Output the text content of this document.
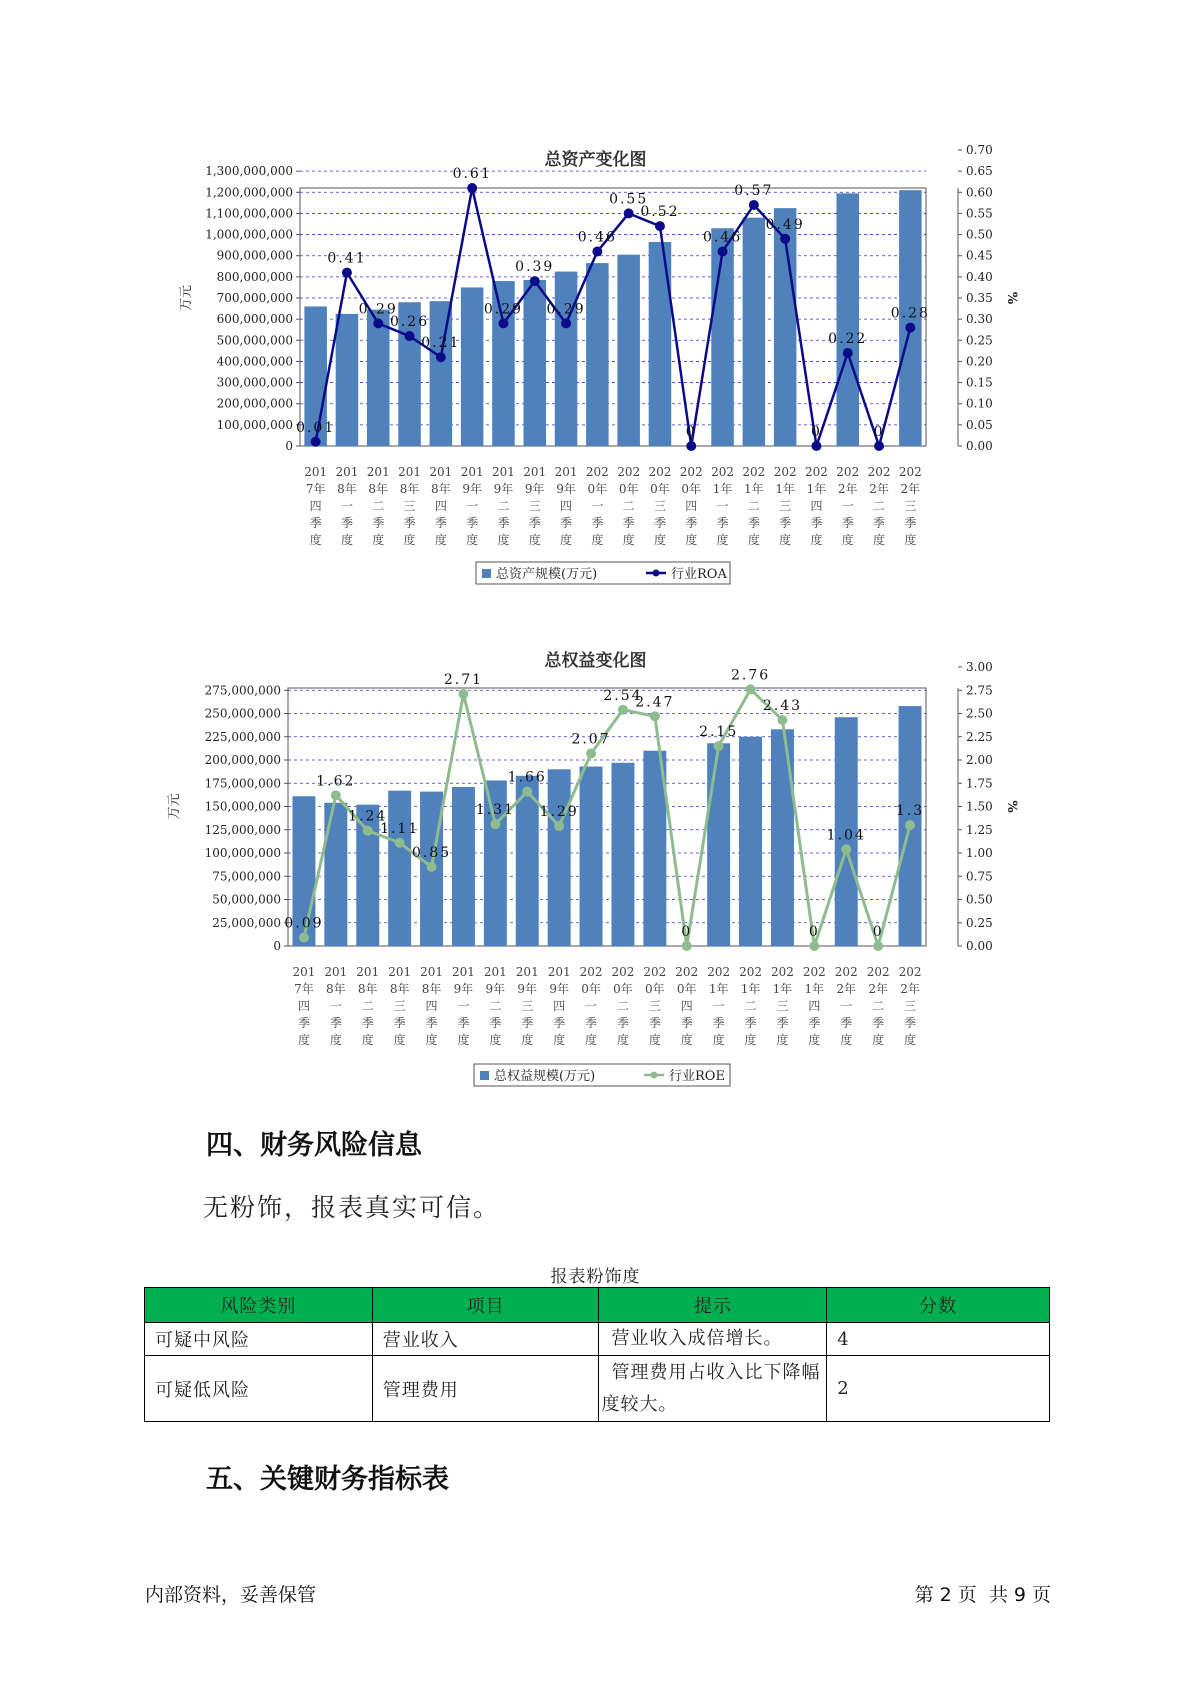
总资产变化图
1,300,000,000
1,200,000,000
1,100,000,000
1,000,000,000
900,000,000
800,000,000
700,000,000
600,000,000
500,000,000
400,000,000
300,000,000
200,000,000
100,000,000
0
0.70
0.65
0.60
0.55
0.50
0.45
0.40
0.35
0.30
0.25
0.20
0.15
0.10
0.05
0.00
万元	%
0.01
0.41
0.29
0.26
0.21
0.61
0.29
0.39
0.29
0.46
0.55
0.52
0
0.46
0.57
0.49
0
0.22
0
0.28
201 7年四季度
201 8年一季度
201 8年二季度
201 8年三季度
201 8年四季度
201 9年一季度
201 9年二季度
201 9年三季度
201 9年四季度
202 0年一季度
202 0年二季度
202 0年三季度
202 0年四季度
202 1年一季度
202 1年二季度
202 1年三季度
202 1年四季度
202 2年一季度
202 2年二季度
202 2年三季度
总资产规模(万元)	行业ROA
总权益变化图
275,000,000
250,000,000
225,000,000
200,000,000
175,000,000
150,000,000
125,000,000
100,000,000
75,000,000
50,000,000
25,000,000
0
3.00
2.75
2.50
2.25
2.00
1.75
1.50
1.25
1.00
0.75
0.50
0.25
0.00
万元	%
0.09
1.62
1.24
1.11
0.85
2.71
1.31
1.66
1.29
2.07
2.54
2.47
0
2.15
2.76
2.43
0
1.04
0
1.3
201 7年四季度
201 8年一季度
201 8年二季度
201 8年三季度
201 8年四季度
201 9年一季度
201 9年二季度
201 9年三季度
201 9年四季度
202 0年一季度
202 0年二季度
202 0年三季度
202 0年四季度
202 1年一季度
202 1年二季度
202 1年三季度
202 1年四季度
202 2年一季度
202 2年二季度
202 2年三季度
总权益规模(万元)	行业ROE
四、财务风险信息
无粉饰，报表真实可信。
报表粉饰度
风险类别	项目	提示	分数
可疑中风险	营业收入	营业收入成倍增长。	4
可疑低风险	管理费用	管理费用占收入比下降幅度较大。	2
五、关键财务指标表
内部资料，妥善保管	第 2 页  共 9 页
